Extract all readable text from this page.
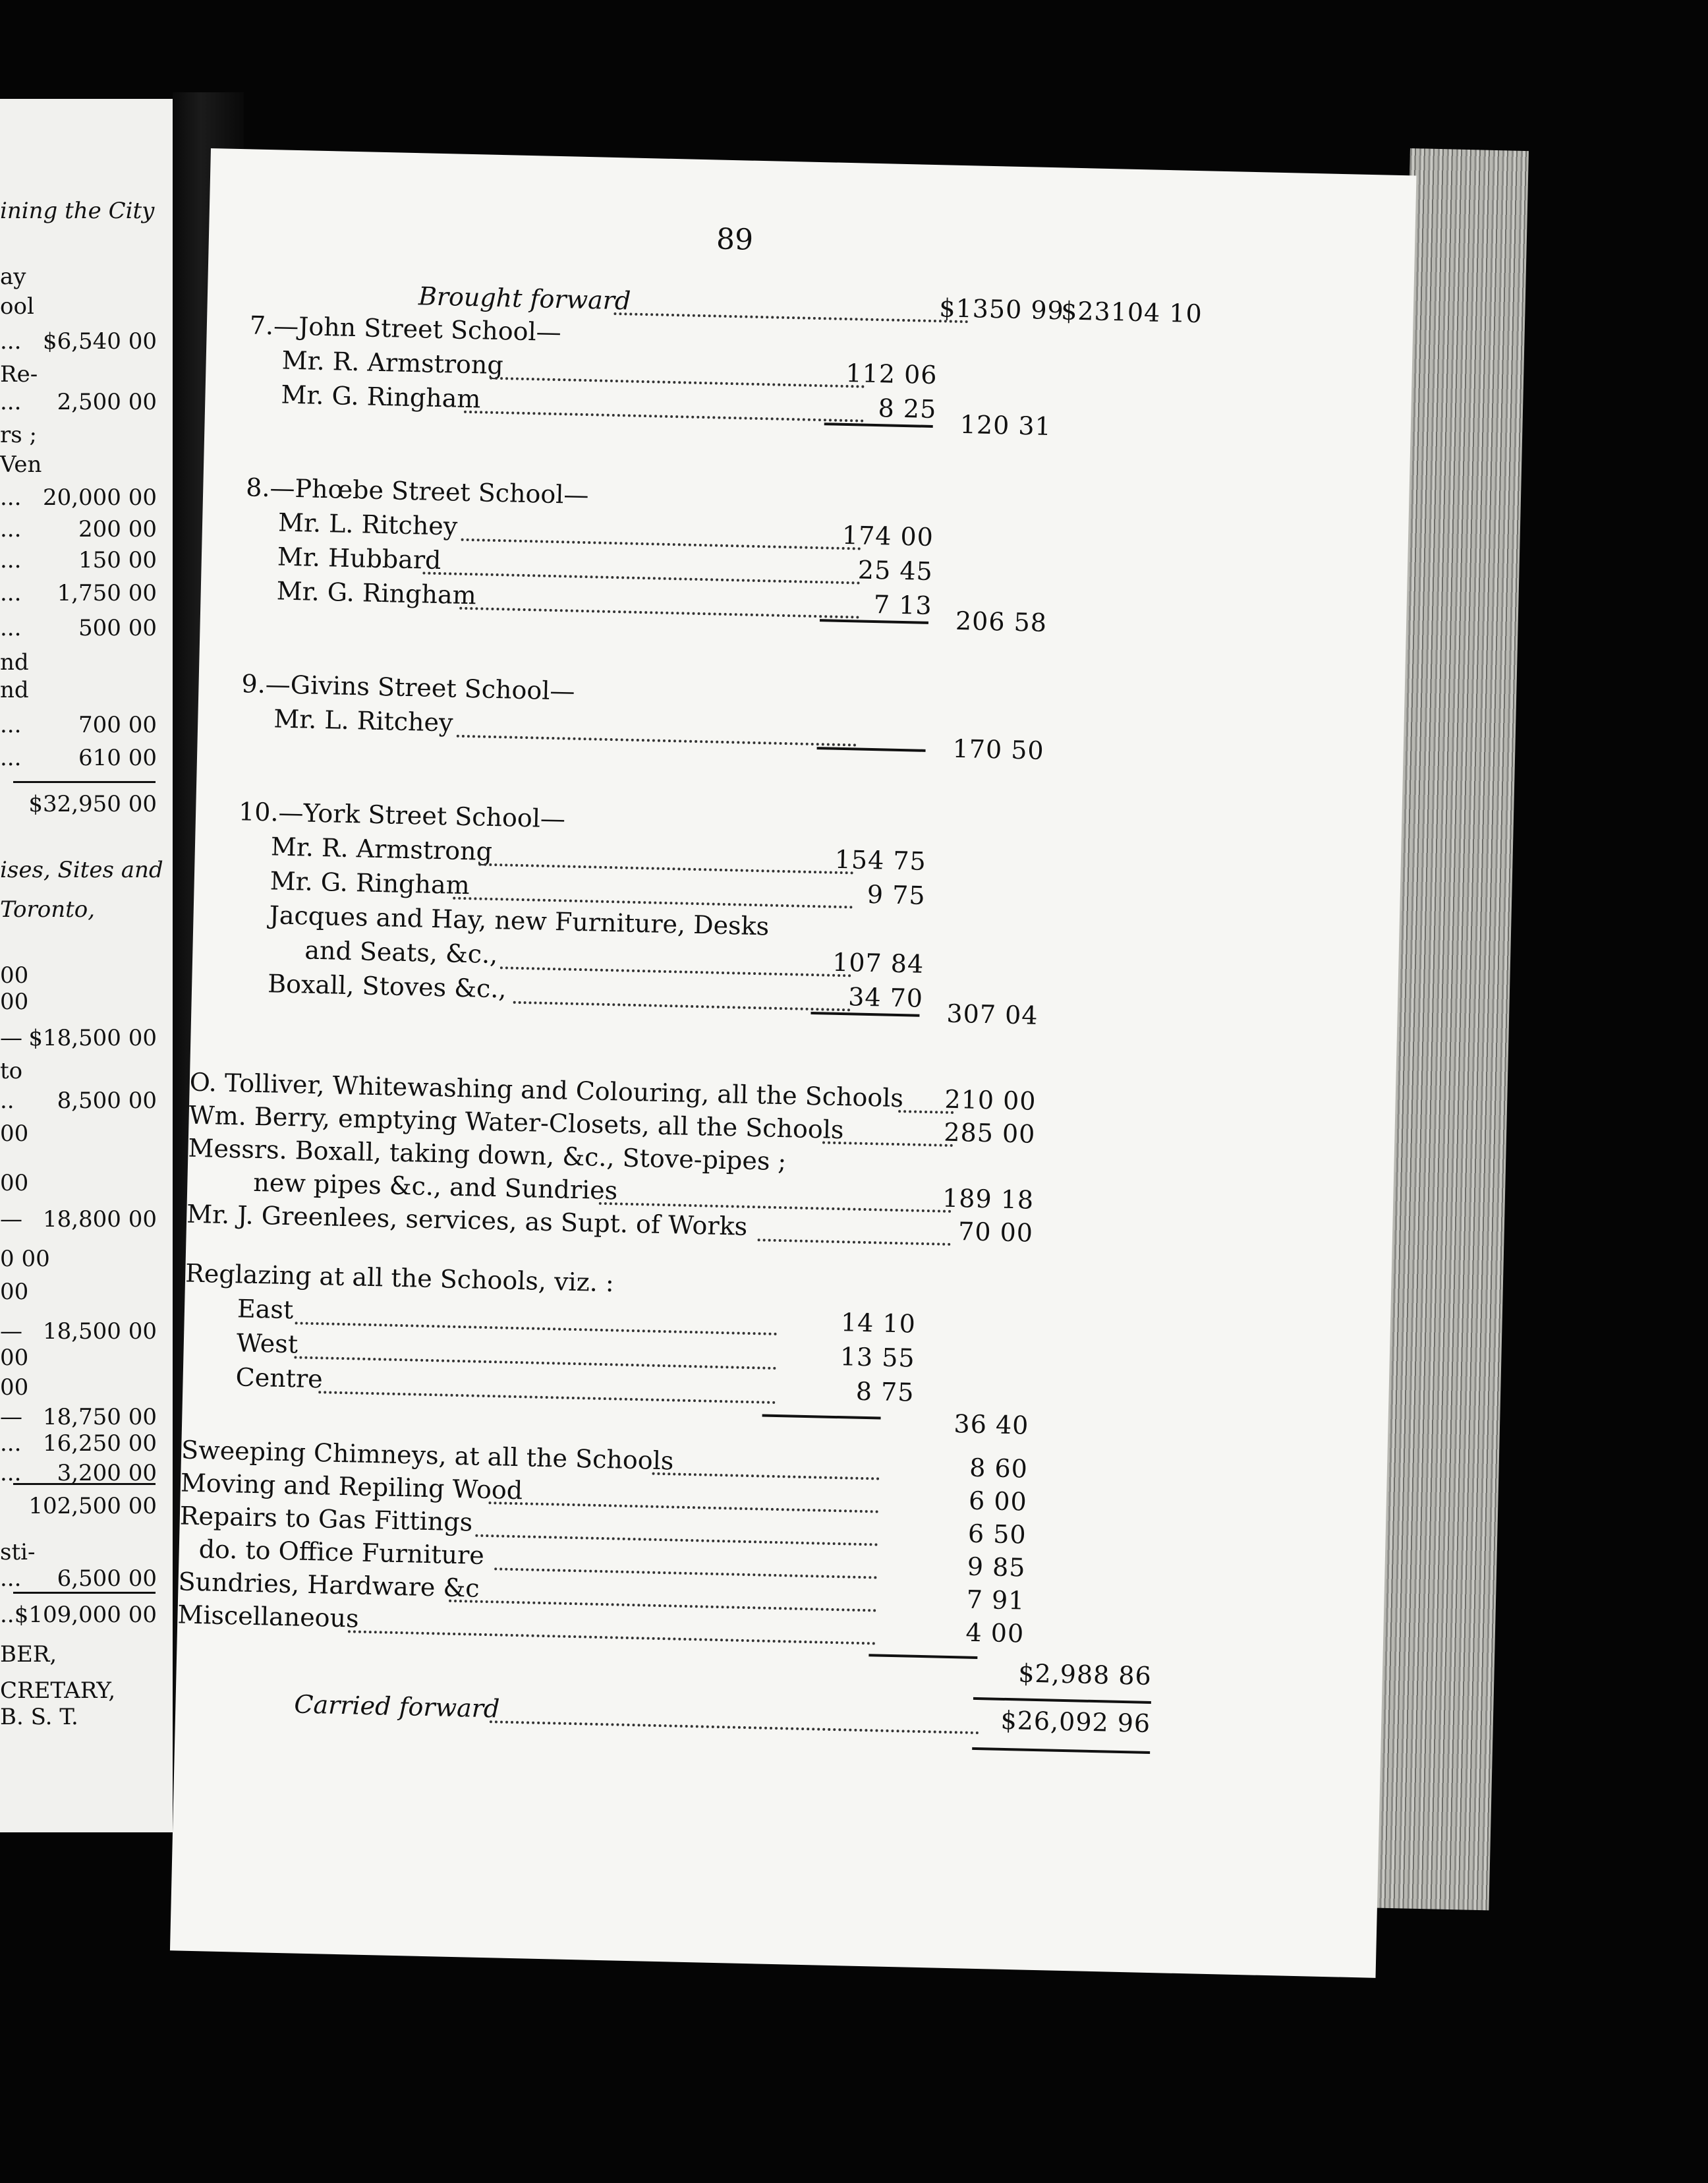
ining the City
ay
ool
... $6,540 00
Re-
... 2,500 00
rs ;
Ven
... 20,000 00
...	200 00
...	150 00
... 1,750 00
...	500 00
nd
nd
...	700 00
...	610 00
$32,950 00
ises, Sites and
Toronto,
00
00
— $18,500 00
to
.. 8,500 00
00
00
— 18,800 00
0 00
00
— 18,500 00
00
00
— 18,750 00
... 16,250 00
... 3,200 00
102,500 00
sti-
... 6,500 00
.. $109,000 00
BER,
CRETARY,
B. S. T.
89
Brought forward	$1350 99
$23104 10
7.—John Street School—
Mr. R. Armstrong	112 06
Mr. G. Ringham	8 25
120 31
8.—Phœbe Street School—
Mr. L. Ritchey	174 00
Mr. Hubbard	25 45
Mr. G. Ringham	7 13
206 58
9.—Givins Street School—
Mr. L. Ritchey
170 50
10.—York Street School—
Mr. R. Armstrong	154 75
Mr. G. Ringham	9 75
Jacques and Hay, new Furniture, Desks
and Seats, &c.,	107 84
Boxall, Stoves &c.,	34 70
307 04
O. Tolliver, Whitewashing and Colouring, all the Schools 210 00
Wm. Berry, emptying Water-Closets, all the Schools	285 00
Messrs. Boxall, taking down, &c., Stove-pipes ;
new pipes &c., and Sundries	189 18
Mr. J. Greenlees, services, as Supt. of Works	70 00
Reglazing at all the Schools, viz. :
East	14 10
West	13 55
Centre	8 75
36 40
Sweeping Chimneys, at all the Schools	8 60
Moving and Repiling Wood	6 00
Repairs to Gas Fittings	6 50
do. to Office Furniture	9 85
Sundries, Hardware &c	7 91
Miscellaneous	4 00
$2,988 86
Carried forward	$26,092 96
